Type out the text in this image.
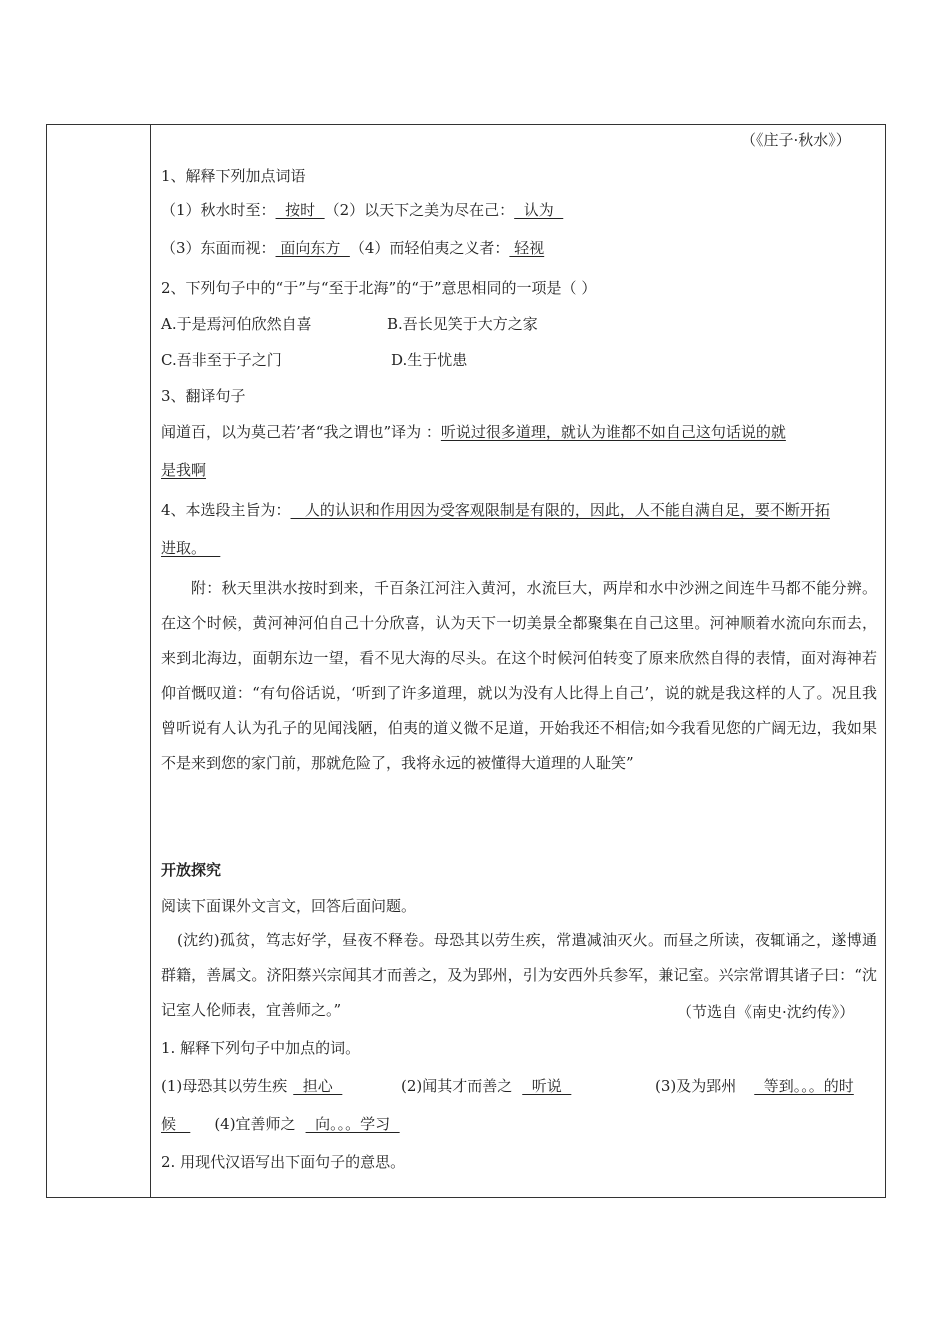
（《庄子·秋水》）
1、解释下列加点词语
（1）秋水时至：  按时  （2）以天下之美为尽在己：  认为
（3）东面而视： 面向东方  （4）而轻伯夷之义者： 轻视
2、下列句子中的“于”与“至于北海”的“于”意思相同的一项是（ ）
A.于是焉河伯欣然自喜	B.吾长见笑于大方之家
C.吾非至于子之门	D.生于忧患
3、翻译句子
闻道百，以为莫己若’者“我之谓也”译为 ：听说过很多道理，就认为谁都不如自己这句话说的就
是我啊
4、本选段主旨为：   人的认识和作用因为受客观限制是有限的，因此，人不能自满自足，要不断开拓
进取。
附：秋天里洪水按时到来，千百条江河注入黄河，水流巨大，两岸和水中沙洲之间连牛马都不能分辨。在这个时候，黄河神河伯自己十分欣喜，认为天下一切美景全都聚集在自己这里。河神顺着水流向东而去，来到北海边，面朝东边一望，看不见大海的尽头。在这个时候河伯转变了原来欣然自得的表情，面对海神若仰首慨叹道：“有句俗话说，‘听到了许多道理，就以为没有人比得上自己’，说的就是我这样的人了。况且我曾听说有人认为孔子的见闻浅陋，伯夷的道义微不足道，开始我还不相信;如今我看见您的广阔无边，我如果不是来到您的家门前，那就危险了，我将永远的被懂得大道理的人耻笑”
开放探究
阅读下面课外文言文，回答后面问题。
(沈约)孤贫，笃志好学，昼夜不释卷。母恐其以劳生疾，常遣减油灭火。而昼之所读，夜辄诵之，遂博通群籍，善属文。济阳蔡兴宗闻其才而善之，及为郢州，引为安西外兵参军，兼记室。兴宗常谓其诸子曰：“沈记室人伦师表，宜善师之。”	（节选自《南史·沈约传》）
1. 解释下列句子中加点的词。
(1)母恐其以劳生疾  担心	(2)闻其才而善之  听说	(3)及为郢州  等到。。。的时
候   (4)宜善师之  向。。。学习
2. 用现代汉语写出下面句子的意思。
